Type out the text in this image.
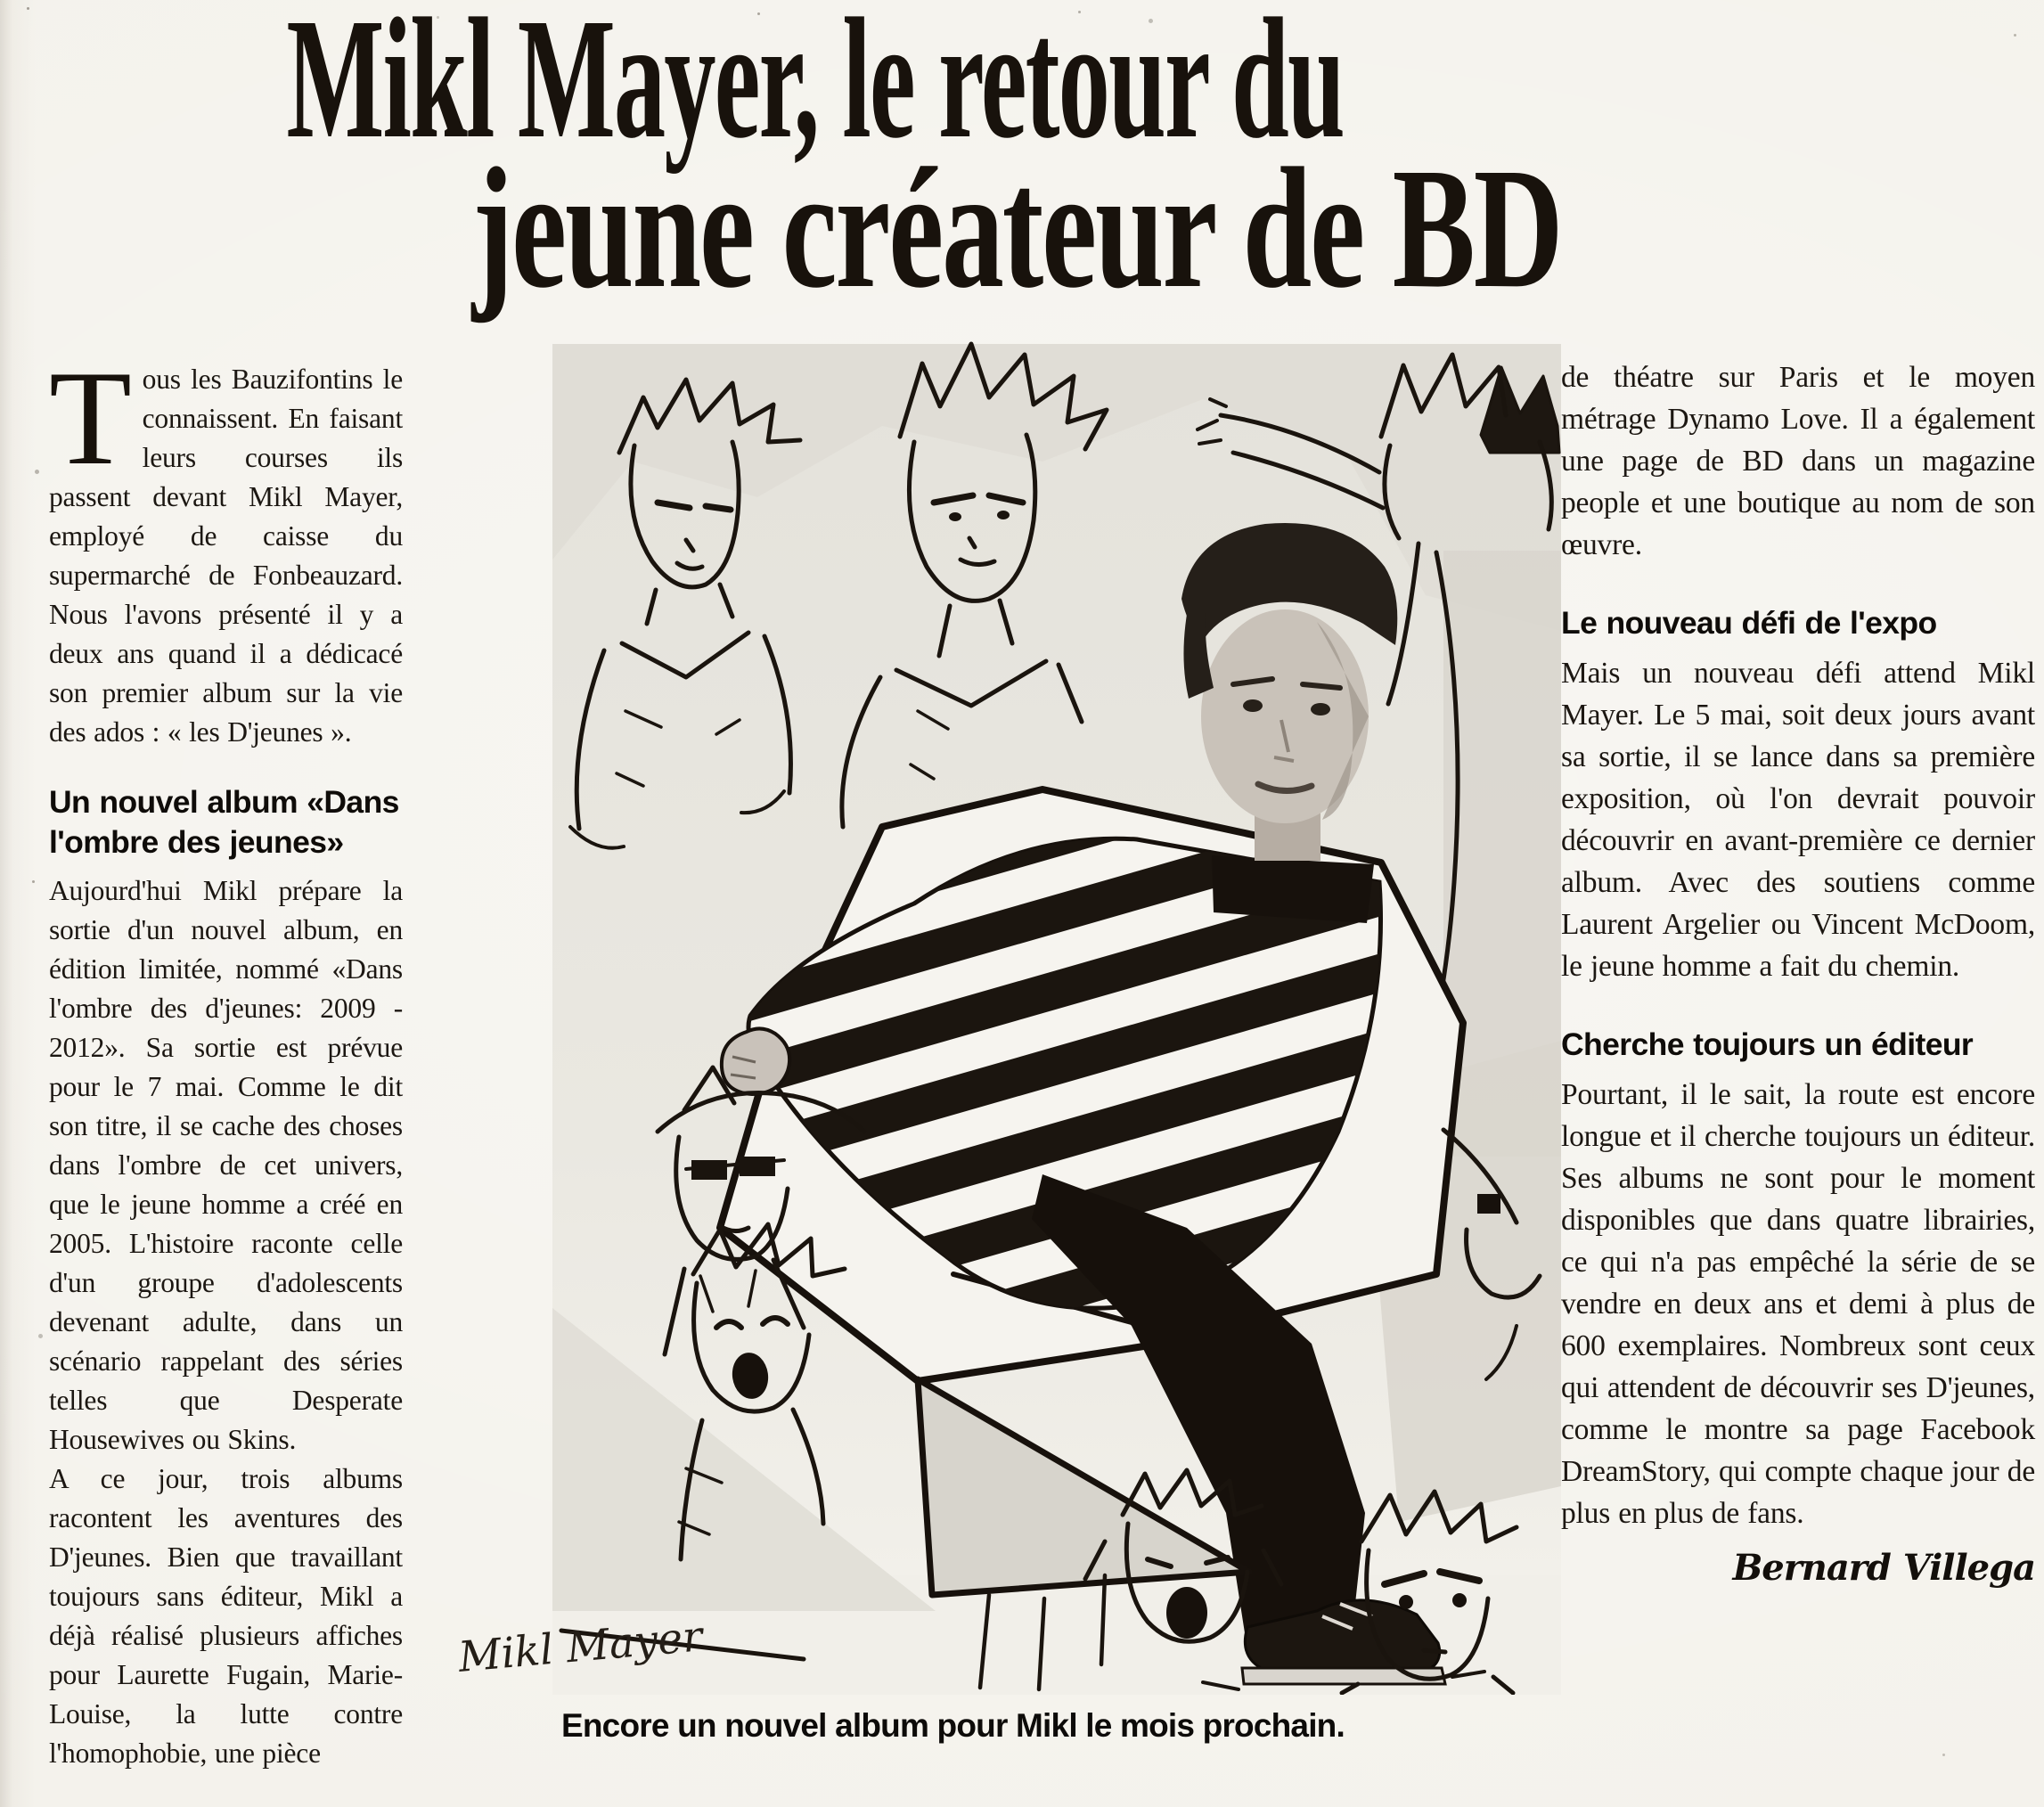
Mikl Mayer, le retour du
jeune créateur de BD

Tous les Bauzifontins le connaissent. En faisant leurs courses ils passent devant Mikl Mayer, employé de caisse du supermarché de Fonbeauzard. Nous l'avons présenté il y a deux ans quand il a dédicacé son premier album sur la vie des ados : « les D'jeunes ».

Un nouvel album «Dans l'ombre des jeunes»

Aujourd'hui Mikl prépare la sortie d'un nouvel album, en édition limitée, nommé «Dans l'ombre des d'jeunes: 2009 - 2012». Sa sortie est prévue pour le 7 mai. Comme le dit son titre, il se cache des choses dans l'ombre de cet univers, que le jeune homme a créé en 2005. L'histoire raconte celle d'un groupe d'adolescents devenant adulte, dans un scénario rappelant des séries telles que Desperate Housewives ou Skins.

A ce jour, trois albums racontent les aventures des D'jeunes. Bien que travaillant toujours sans éditeur, Mikl a déjà réalisé plusieurs affiches pour Laurette Fugain, Marie-Louise, la lutte contre l'homophobie, une pièce

Mikl Mayer
Encore un nouvel album pour Mikl le mois prochain.

de théatre sur Paris et le moyen métrage Dynamo Love. Il a également une page de BD dans un magazine people et une boutique au nom de son œuvre.

Le nouveau défi de l'expo

Mais un nouveau défi attend Mikl Mayer. Le 5 mai, soit deux jours avant sa sortie, il se lance dans sa première exposition, où l'on devrait pouvoir découvrir en avant-première ce dernier album. Avec des soutiens comme Laurent Argelier ou Vincent McDoom, le jeune homme a fait du chemin.

Cherche toujours un éditeur

Pourtant, il le sait, la route est encore longue et il cherche toujours un éditeur. Ses albums ne sont pour le moment disponibles que dans quatre librairies, ce qui n'a pas empêché la série de se vendre en deux ans et demi à plus de 600 exemplaires. Nombreux sont ceux qui attendent de découvrir ses D'jeunes, comme le montre sa page Facebook DreamStory, qui compte chaque jour de plus en plus de fans.

Bernard Villega
